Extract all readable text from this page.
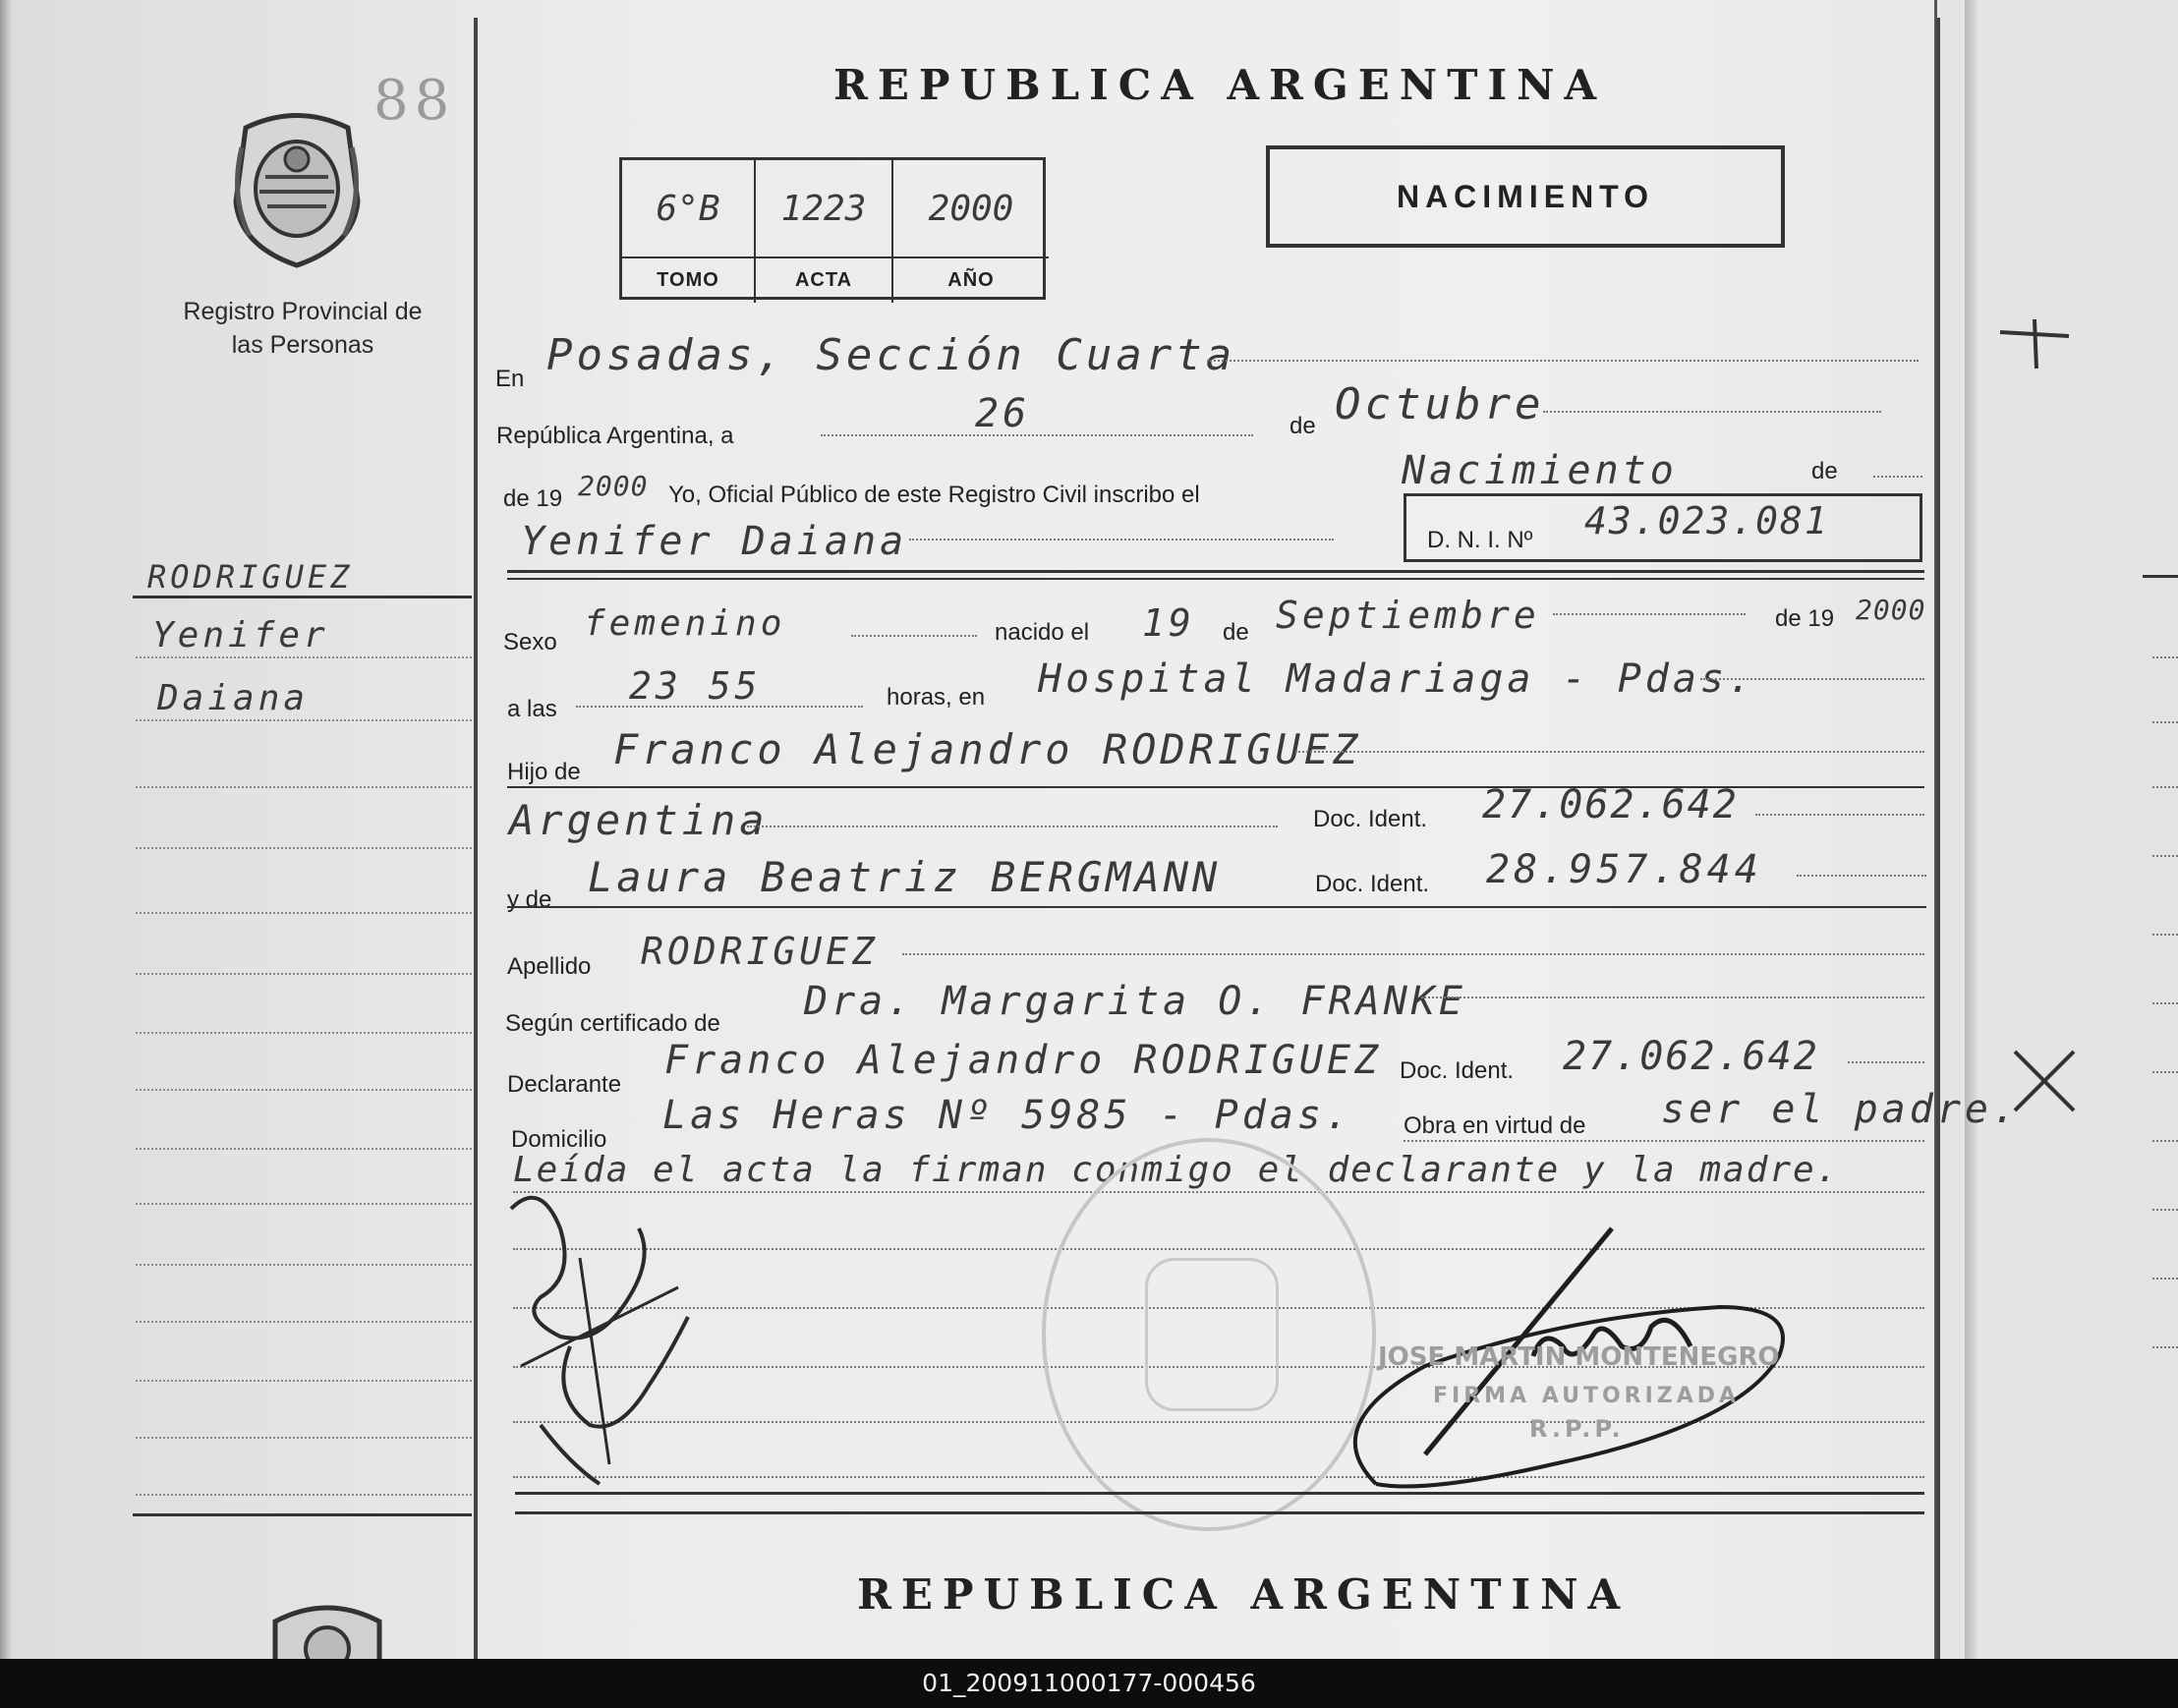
88
Registro Provincial de las Personas
RODRIGUEZ
Yenifer
Daiana
REPUBLICA ARGENTINA
6°B	1223	2000
TOMO	ACTA	AÑO
NACIMIENTO
En Posadas, Sección Cuarta
República Argentina, a	26	de Octubre
de 19 2000 Yo, Oficial Público de este Registro Civil inscribo el
Nacimiento	de
Yenifer Daiana	D. N. I. Nº 43.023.081
Sexo femenino	nacido el 19 de Septiembre	de 19 2000
a las
23 55	horas, en Hospital Madariaga - Pdas.
Hijo de Franco Alejandro RODRIGUEZ
Argentina	Doc. Ident. 27.062.642
y de Laura Beatriz BERGMANN	Doc. Ident. 28.957.844
Apellido RODRIGUEZ
Según certificado de Dra. Margarita O. FRANKE
Declarante
Franco Alejandro RODRIGUEZ Doc. Ident. 27.062.642
Domicilio
Las Heras Nº 5985 - Pdas. Obra en virtud de ser el padre.
Leída el acta la firman conmigo el declarante y la madre.
JOSE MARTIN MONTENEGRO
FIRMA AUTORIZADA
R.P.P.
REPUBLICA ARGENTINA
01_200911000177-000456
